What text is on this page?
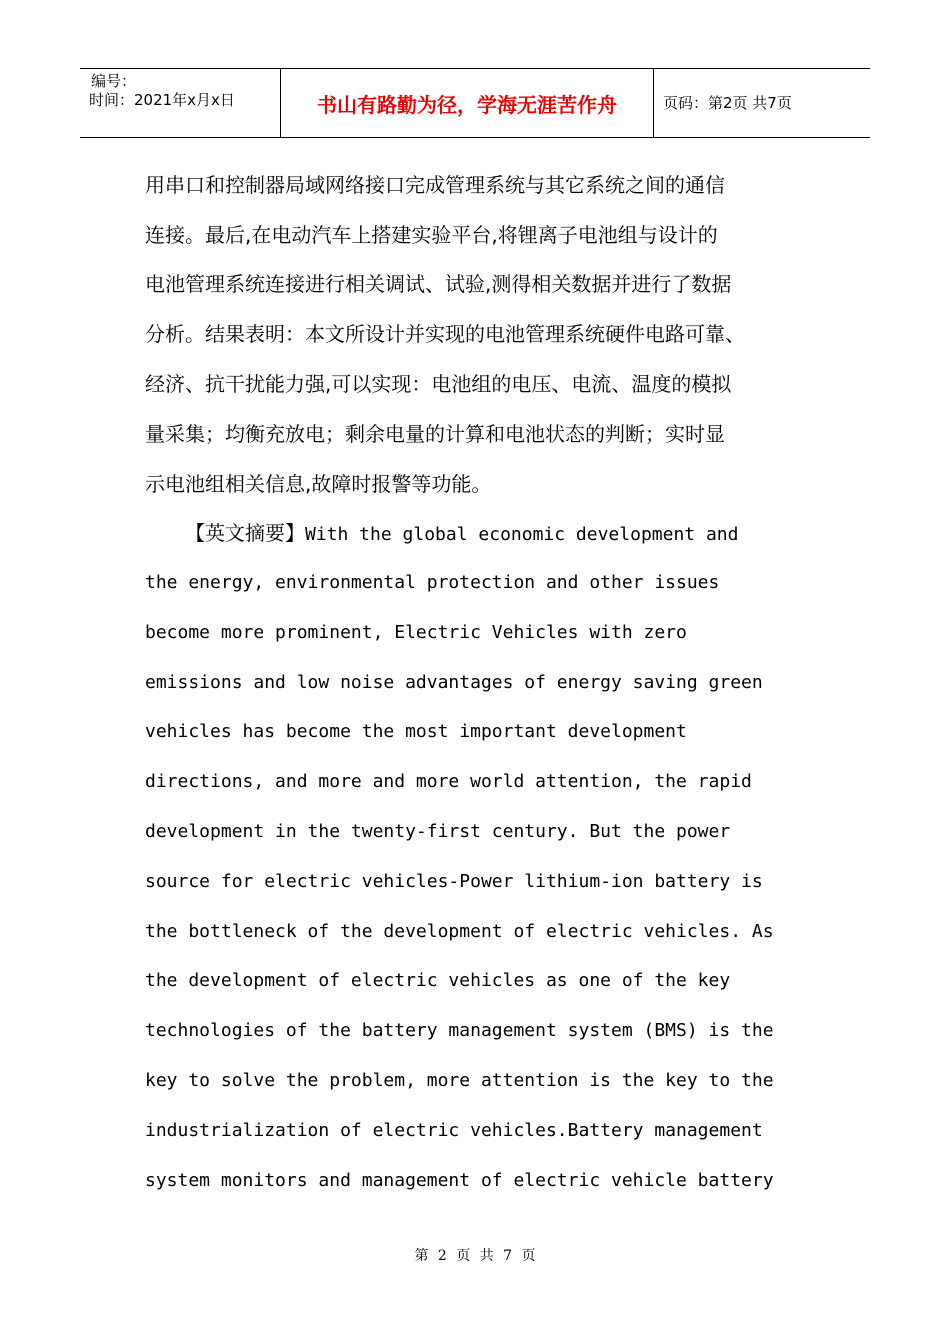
编号：
时间：2021年x月x日	书山有路勤为径，学海无涯苦作舟	页码：第2页 共7页
用串口和控制器局域网络接口完成管理系统与其它系统之间的通信
连接。最后,在电动汽车上搭建实验平台,将锂离子电池组与设计的
电池管理系统连接进行相关调试、试验,测得相关数据并进行了数据
分析。结果表明：本文所设计并实现的电池管理系统硬件电路可靠、
经济、抗干扰能力强,可以实现：电池组的电压、电流、温度的模拟
量采集；均衡充放电；剩余电量的计算和电池状态的判断；实时显
示电池组相关信息,故障时报警等功能。
【英文摘要】With the global economic development and
the energy, environmental protection and other issues
become more prominent, Electric Vehicles with zero
emissions and low noise advantages of energy saving green
vehicles has become the most important development
directions, and more and more world attention, the rapid
development in the twenty-first century. But the power
source for electric vehicles-Power lithium-ion battery is
the bottleneck of the development of electric vehicles. As
the development of electric vehicles as one of the key
technologies of the battery management system (BMS) is the
key to solve the problem, more attention is the key to the
industrialization of electric vehicles.Battery management
system monitors and management of electric vehicle battery
第 2 页 共 7 页
